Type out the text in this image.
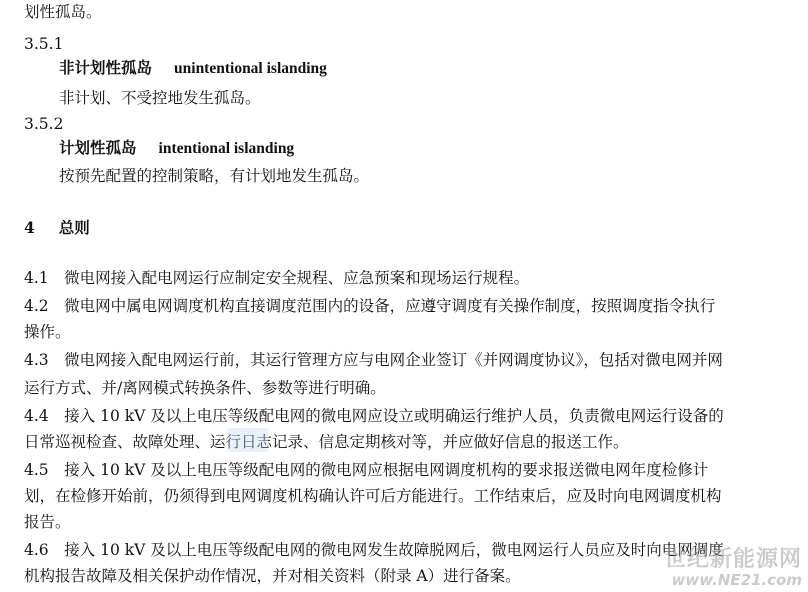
划性孤岛。
3.5.1
非计划性孤岛 unintentional islanding
非计划、不受控地发生孤岛。
3.5.2
计划性孤岛 intentional islanding
按预先配置的控制策略，有计划地发生孤岛。
4 总则
4.1　微电网接入配电网运行应制定安全规程、应急预案和现场运行规程。
4.2　微电网中属电网调度机构直接调度范围内的设备，应遵守调度有关操作制度，按照调度指令执行
操作。
4.3　微电网接入配电网运行前，其运行管理方应与电网企业签订《并网调度协议》，包括对微电网并网
运行方式、并/离网模式转换条件、参数等进行明确。
4.4　接入 10 kV 及以上电压等级配电网的微电网应设立或明确运行维护人员，负责微电网运行设备的
日常巡视检查、故障处理、运行日志记录、信息定期核对等，并应做好信息的报送工作。
4.5　接入 10 kV 及以上电压等级配电网的微电网应根据电网调度机构的要求报送微电网年度检修计
划，在检修开始前，仍须得到电网调度机构确认许可后方能进行。工作结束后，应及时向电网调度机构
报告。
4.6　接入 10 kV 及以上电压等级配电网的微电网发生故障脱网后，微电网运行人员应及时向电网调度
机构报告故障及相关保护动作情况，并对相关资料（附录 A）进行备案。
世纪新能源网
www.NE21.com
